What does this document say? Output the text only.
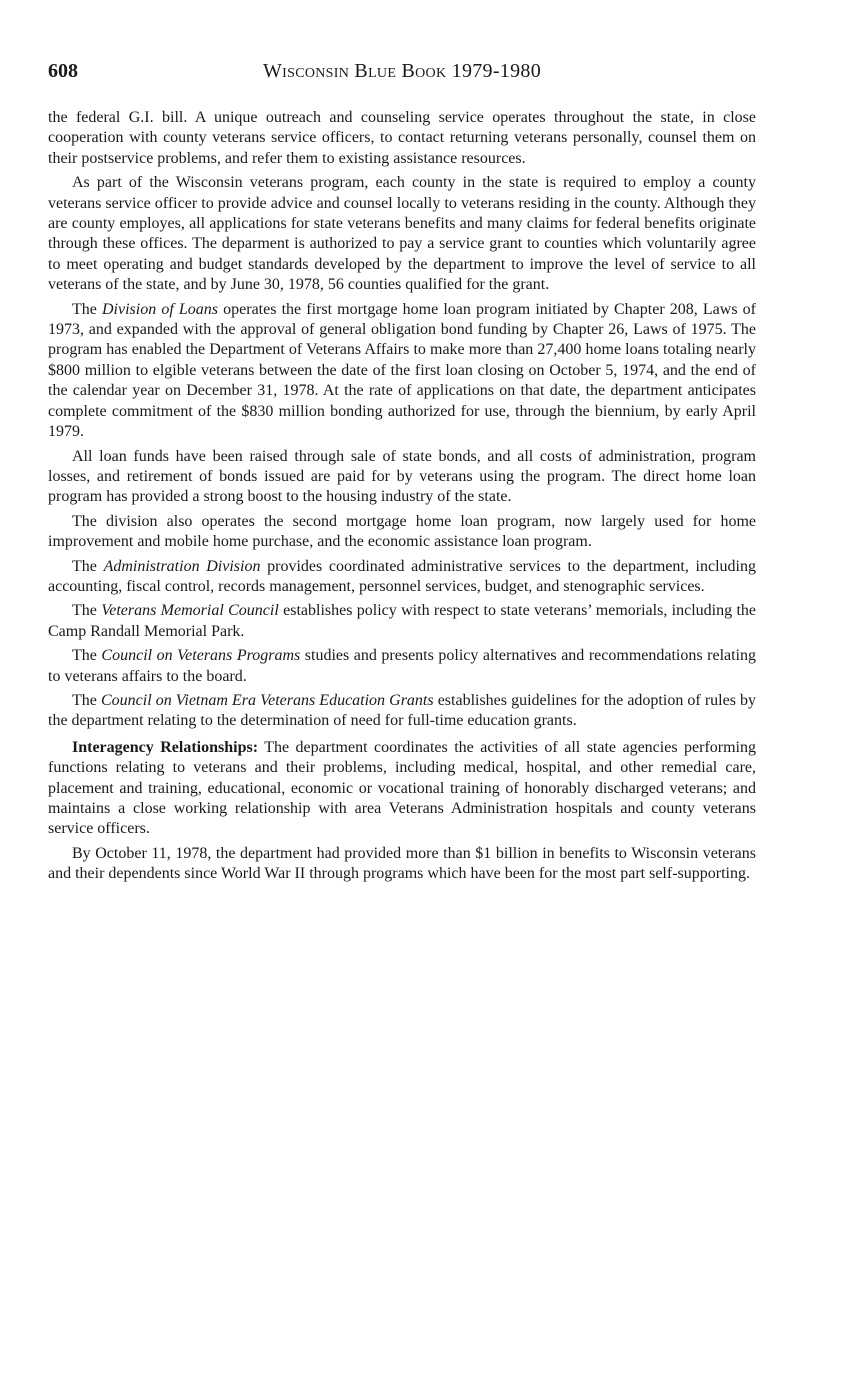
608	Wisconsin Blue Book 1979-1980

the federal G.I. bill. A unique outreach and counseling service operates throughout the state, in close cooperation with county veterans service officers, to contact returning veterans personally, counsel them on their postservice problems, and refer them to existing assistance resources.

As part of the Wisconsin veterans program, each county in the state is required to employ a county veterans service officer to provide advice and counsel locally to veterans residing in the county. Although they are county employes, all applications for state veterans benefits and many claims for federal benefits originate through these offices. The deparment is authorized to pay a service grant to counties which voluntarily agree to meet operating and budget standards developed by the department to improve the level of service to all veterans of the state, and by June 30, 1978, 56 counties qualified for the grant.

The Division of Loans operates the first mortgage home loan program initiated by Chapter 208, Laws of 1973, and expanded with the approval of general obligation bond funding by Chapter 26, Laws of 1975. The program has enabled the Department of Veterans Affairs to make more than 27,400 home loans totaling nearly $800 million to elgible veterans between the date of the first loan closing on October 5, 1974, and the end of the calendar year on December 31, 1978. At the rate of applications on that date, the department anticipates complete commitment of the $830 million bonding authorized for use, through the biennium, by early April 1979.

All loan funds have been raised through sale of state bonds, and all costs of administration, program losses, and retirement of bonds issued are paid for by veterans using the program. The direct home loan program has provided a strong boost to the housing industry of the state.

The division also operates the second mortgage home loan program, now largely used for home improvement and mobile home purchase, and the economic assistance loan program.

The Administration Division provides coordinated administrative services to the department, including accounting, fiscal control, records management, personnel services, budget, and stenographic services.

The Veterans Memorial Council establishes policy with respect to state veterans’ memorials, including the Camp Randall Memorial Park.

The Council on Veterans Programs studies and presents policy alternatives and recommendations relating to veterans affairs to the board.

The Council on Vietnam Era Veterans Education Grants establishes guidelines for the adoption of rules by the department relating to the determination of need for full-time education grants.

Interagency Relationships: The department coordinates the activities of all state agencies performing functions relating to veterans and their problems, including medical, hospital, and other remedial care, placement and training, educational, economic or vocational training of honorably discharged veterans; and maintains a close working relationship with area Veterans Administration hospitals and county veterans service officers.

By October 11, 1978, the department had provided more than $1 billion in benefits to Wisconsin veterans and their dependents since World War II through programs which have been for the most part self-supporting.
